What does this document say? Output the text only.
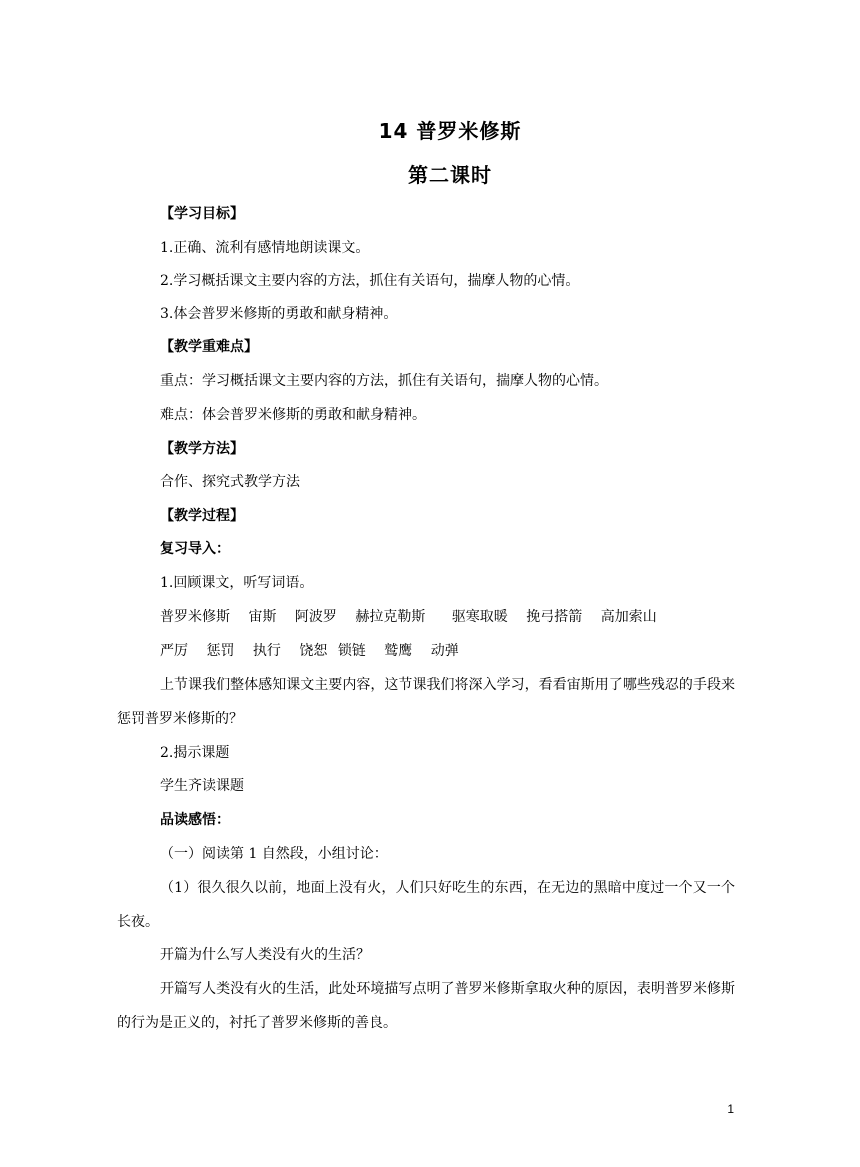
14 普罗米修斯
第二课时
【学习目标】
1.正确、流利有感情地朗读课文。
2.学习概括课文主要内容的方法，抓住有关语句，揣摩人物的心情。
3.体会普罗米修斯的勇敢和献身精神。
【教学重难点】
重点：学习概括课文主要内容的方法，抓住有关语句，揣摩人物的心情。
难点：体会普罗米修斯的勇敢和献身精神。
【教学方法】
合作、探究式教学方法
【教学过程】
复习导入：
1.回顾课文，听写词语。
普罗米修斯 宙斯 阿波罗 赫拉克勒斯 驱寒取暖 挽弓搭箭 高加索山
严厉 惩罚 执行 饶恕 锁链 鹫鹰 动弹
上节课我们整体感知课文主要内容，这节课我们将深入学习，看看宙斯用了哪些残忍的手段来惩罚普罗米修斯的？
2.揭示课题
学生齐读课题
品读感悟：
（一）阅读第 1 自然段，小组讨论：
（1）很久很久以前，地面上没有火，人们只好吃生的东西，在无边的黑暗中度过一个又一个长夜。
开篇为什么写人类没有火的生活？
开篇写人类没有火的生活，此处环境描写点明了普罗米修斯拿取火种的原因，表明普罗米修斯的行为是正义的，衬托了普罗米修斯的善良。
1
